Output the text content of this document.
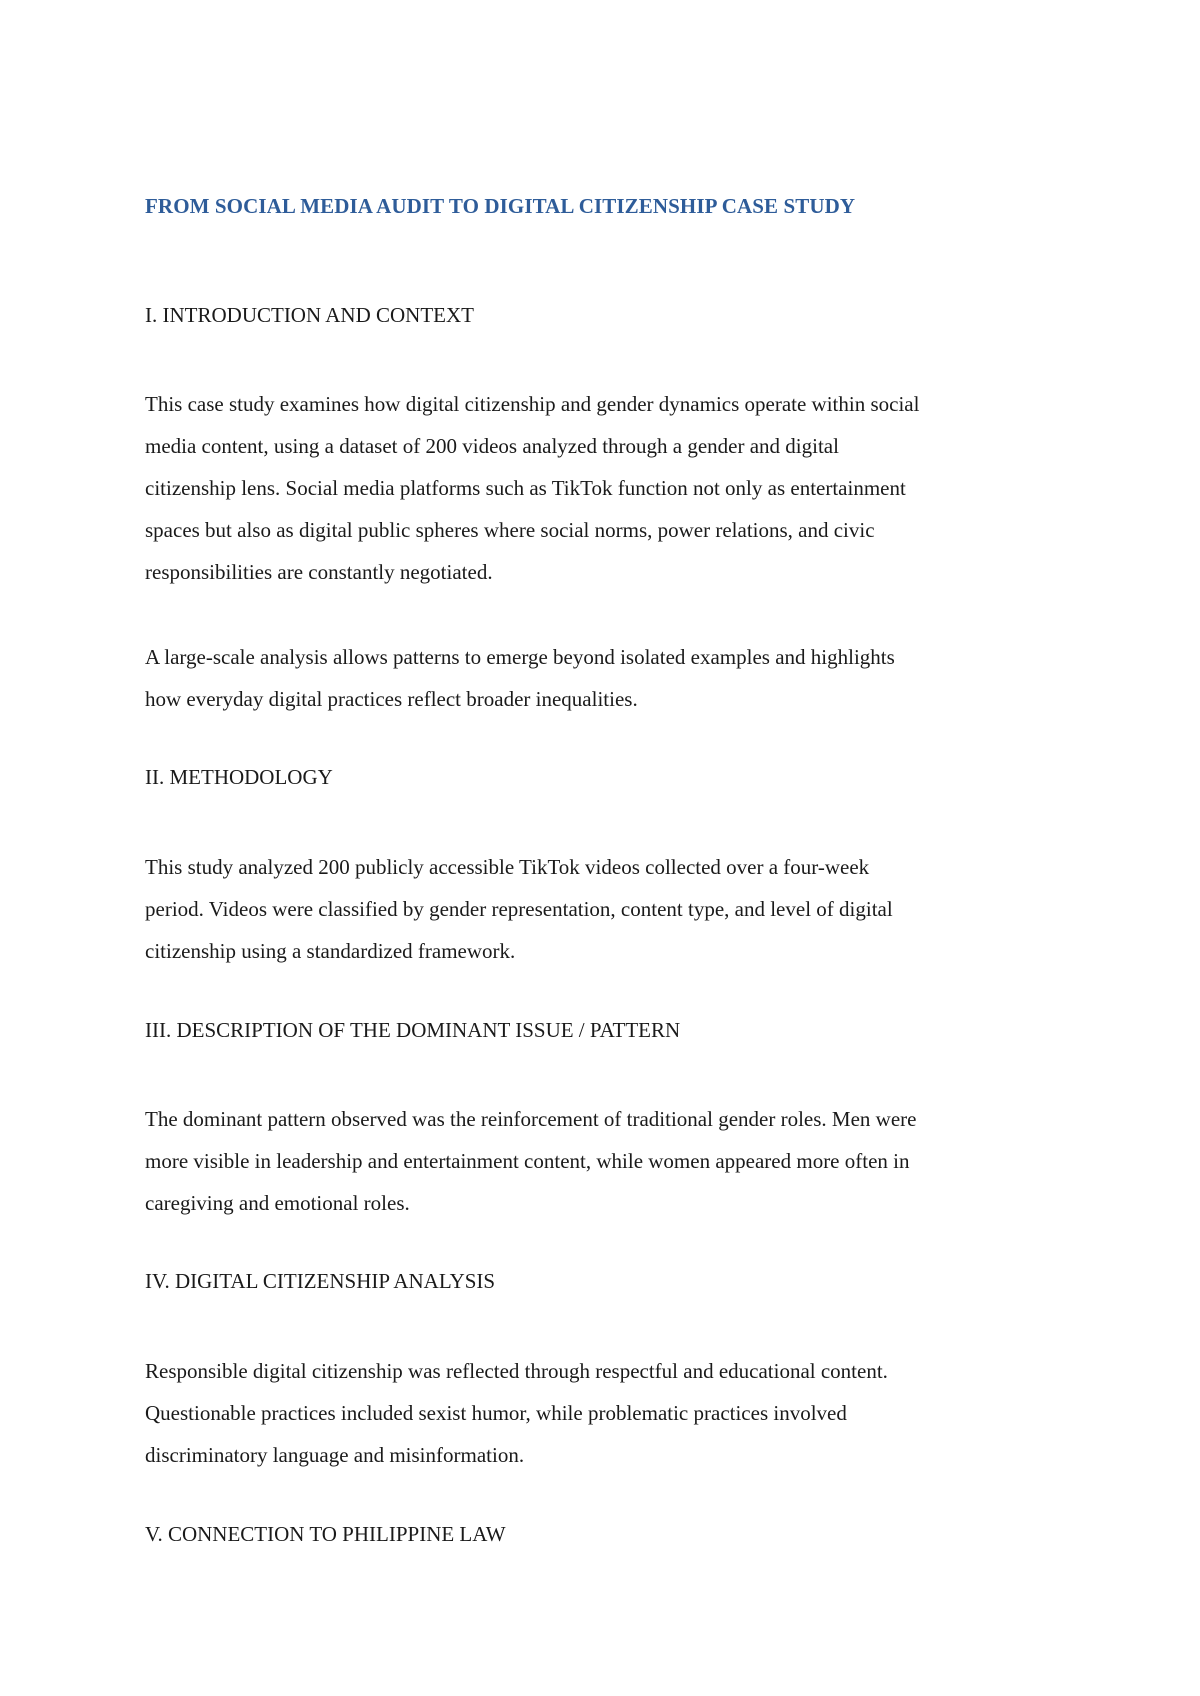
FROM SOCIAL MEDIA AUDIT TO DIGITAL CITIZENSHIP CASE STUDY
I. INTRODUCTION AND CONTEXT

This case study examines how digital citizenship and gender dynamics operate within social
media content, using a dataset of 200 videos analyzed through a gender and digital
citizenship lens. Social media platforms such as TikTok function not only as entertainment
spaces but also as digital public spheres where social norms, power relations, and civic
responsibilities are constantly negotiated.

A large-scale analysis allows patterns to emerge beyond isolated examples and highlights
how everyday digital practices reflect broader inequalities.

II. METHODOLOGY

This study analyzed 200 publicly accessible TikTok videos collected over a four-week
period. Videos were classified by gender representation, content type, and level of digital
citizenship using a standardized framework.

III. DESCRIPTION OF THE DOMINANT ISSUE / PATTERN

The dominant pattern observed was the reinforcement of traditional gender roles. Men were
more visible in leadership and entertainment content, while women appeared more often in
caregiving and emotional roles.

IV. DIGITAL CITIZENSHIP ANALYSIS

Responsible digital citizenship was reflected through respectful and educational content.
Questionable practices included sexist humor, while problematic practices involved
discriminatory language and misinformation.

V. CONNECTION TO PHILIPPINE LAW
